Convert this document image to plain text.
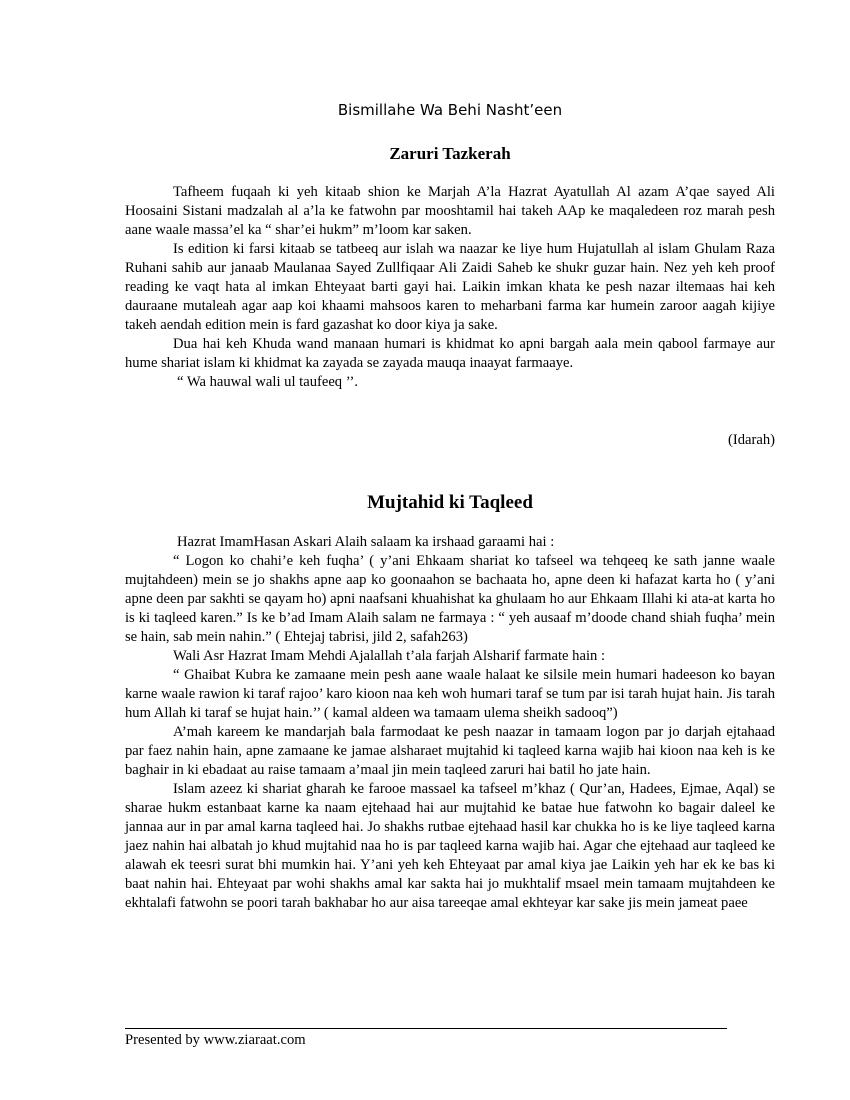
Bismillahe Wa Behi Nasht’een
Zaruri Tazkerah

Tafheem fuqaah ki yeh kitaab shion ke Marjah A’la Hazrat Ayatullah Al azam A’qae sayed Ali Hoosaini Sistani madzalah al a’la ke fatwohn par mooshtamil hai takeh AAp ke maqaledeen roz marah pesh aane waale massa’el ka “ shar’ei hukm” m’loom kar saken.

Is edition ki farsi kitaab se tatbeeq aur islah wa naazar ke liye hum Hujatullah al islam Ghulam Raza Ruhani sahib aur janaab Maulanaa Sayed Zullfiqaar Ali Zaidi Saheb ke shukr guzar hain. Nez yeh keh proof reading ke vaqt hata al imkan Ehteyaat barti gayi hai. Laikin imkan khata ke pesh nazar iltemaas hai keh dauraane mutaleah agar aap koi khaami mahsoos karen to meharbani farma kar humein zaroor aagah kijiye takeh aendah edition mein is fard gazashat ko door kiya ja sake.

Dua hai keh Khuda wand manaan humari is khidmat ko apni bargah aala mein qabool farmaye aur hume shariat islam ki khidmat ka zayada se zayada mauqa inaayat farmaaye.

“ Wa hauwal wali ul taufeeq ’’.

(Idarah)
Mujtahid ki Taqleed

Hazrat ImamHasan Askari Alaih salaam ka irshaad garaami hai :

“ Logon ko chahi’e keh fuqha’ ( y’ani Ehkaam shariat ko tafseel wa tehqeeq ke sath janne waale mujtahdeen) mein se jo shakhs apne aap ko goonaahon se bachaata ho, apne deen ki hafazat karta ho ( y’ani apne deen par sakhti se qayam ho) apni naafsani khuahishat ka ghulaam ho aur Ehkaam Illahi ki ata-at karta ho is ki taqleed karen.” Is ke b’ad Imam Alaih salam ne farmaya : “ yeh ausaaf m’doode chand shiah fuqha’ mein se hain, sab mein nahin.” ( Ehtejaj tabrisi, jild 2, safah263)

Wali Asr Hazrat Imam Mehdi Ajalallah t’ala farjah Alsharif farmate hain :

“ Ghaibat Kubra ke zamaane mein pesh aane waale halaat ke silsile mein humari hadeeson ko bayan karne waale rawion ki taraf rajoo’ karo kioon naa keh woh humari taraf se tum par isi tarah hujat hain. Jis tarah hum Allah ki taraf se hujat hain.’’ ( kamal aldeen wa tamaam ulema sheikh sadooq”)

A’mah kareem ke mandarjah bala farmodaat ke pesh naazar in tamaam logon par jo darjah ejtahaad par faez nahin hain, apne zamaane ke jamae alsharaet mujtahid ki taqleed karna wajib hai kioon naa keh is ke baghair in ki ebadaat au raise tamaam a’maal jin mein taqleed zaruri hai batil ho jate hain.

Islam azeez ki shariat gharah ke farooe massael ka tafseel m’khaz ( Qur’an, Hadees, Ejmae, Aqal) se sharae hukm estanbaat karne ka naam ejtehaad hai aur mujtahid ke batae hue fatwohn ko bagair daleel ke jannaa aur in par amal karna taqleed hai. Jo shakhs rutbae ejtehaad hasil kar chukka ho is ke liye taqleed karna jaez nahin hai albatah jo khud mujtahid naa ho is par taqleed karna wajib hai. Agar che ejtehaad aur taqleed ke alawah ek teesri surat bhi mumkin hai. Y’ani yeh keh Ehteyaat par amal kiya jae Laikin yeh har ek ke bas ki baat nahin hai. Ehteyaat par wohi shakhs amal kar sakta hai jo mukhtalif msael mein tamaam mujtahdeen ke ekhtalafi fatwohn se poori tarah bakhabar ho aur aisa tareeqae amal ekhteyar kar sake jis mein jameat paee

Presented by www.ziaraat.com
